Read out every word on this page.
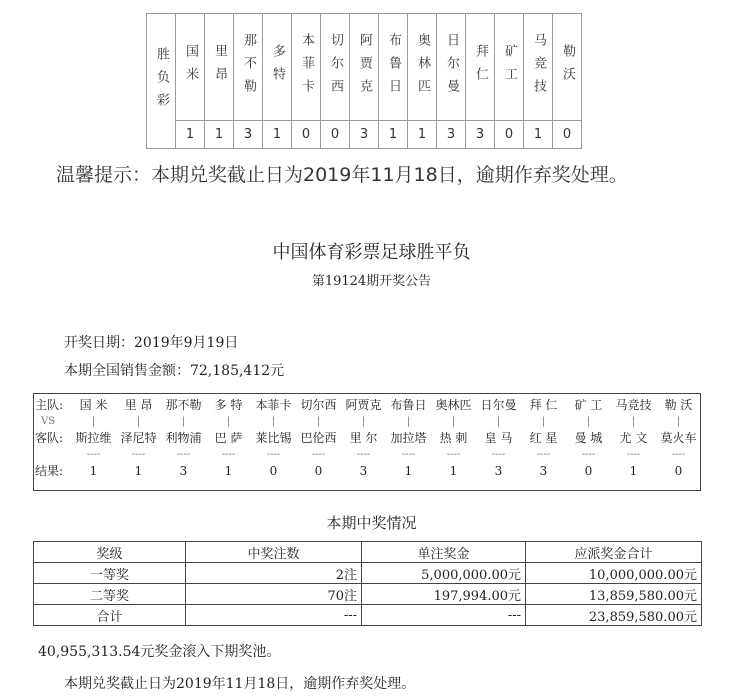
胜负彩	国米	里昂	那不勒	多特	本菲卡	切尔西	阿贾克	布鲁日	奥林匹	日尔曼	拜仁	矿工	马竞技	勒沃
	1	1	3	1	0	0	3	1	1	3	3	0	1	0

温馨提示：本期兑奖截止日为2019年11月18日，逾期作弃奖处理。

中国体育彩票足球胜平负
第19124期开奖公告
开奖日期：2019年9月19日
本期全国销售金额：72,185,412元
主队:	国 米	里 昂	那不勒	多 特	本菲卡	切尔西	阿贾克	布鲁日	奥林匹	日尔曼	拜 仁	矿 工	马竞技	勒 沃
VS	|	|	|	|	|	|	|	|	|	|	|	|	|	|
客队:	斯拉维	泽尼特	利物浦	巴 萨	莱比锡	巴伦西	里 尔	加拉塔	热 刺	皇 马	红 星	曼 城	尤 文	莫火车
	----	----	----	----	----	----	----	----	----	----	----	----	----	----
结果:	1	1	3	1	0	0	3	1	1	3	3	0	1	0
本期中奖情况
奖级	中奖注数	单注奖金	应派奖金合计
一等奖	2注	5,000,000.00元	10,000,000.00元
二等奖	70注	197,994.00元	13,859,580.00元
合计	---	---	23,859,580.00元
40,955,313.54元奖金滚入下期奖池。
本期兑奖截止日为2019年11月18日，逾期作弃奖处理。
